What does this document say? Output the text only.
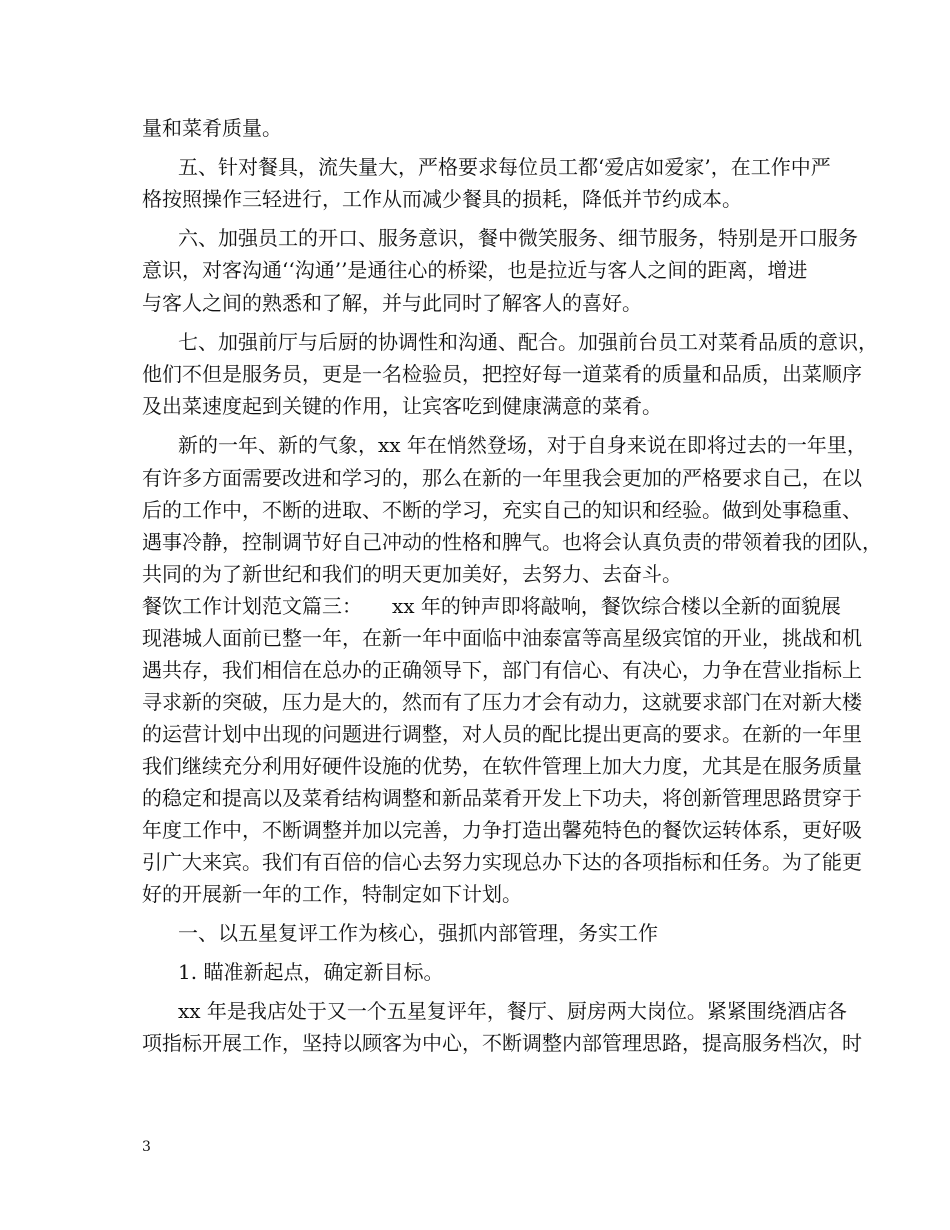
量和菜肴质量。
五、针对餐具，流失量大，严格要求每位员工都‘爱店如爱家’，在工作中严
格按照操作三轻进行，工作从而减少餐具的损耗，降低并节约成本。
六、加强员工的开口、服务意识，餐中微笑服务、细节服务，特别是开口服务
意识，对客沟通‘‘沟通’’是通往心的桥梁，也是拉近与客人之间的距离，增进
与客人之间的熟悉和了解，并与此同时了解客人的喜好。
七、加强前厅与后厨的协调性和沟通、配合。加强前台员工对菜肴品质的意识，
他们不但是服务员，更是一名检验员，把控好每一道菜肴的质量和品质，出菜顺序
及出菜速度起到关键的作用，让宾客吃到健康满意的菜肴。
新的一年、新的气象，xx 年在悄然登场，对于自身来说在即将过去的一年里，
有许多方面需要改进和学习的，那么在新的一年里我会更加的严格要求自己，在以
后的工作中，不断的进取、不断的学习，充实自己的知识和经验。做到处事稳重、
遇事冷静，控制调节好自己冲动的性格和脾气。也将会认真负责的带领着我的团队，
共同的为了新世纪和我们的明天更加美好，去努力、去奋斗。
餐饮工作计划范文篇三：　　xx 年的钟声即将敲响，餐饮综合楼以全新的面貌展
现港城人面前已整一年，在新一年中面临中油泰富等高星级宾馆的开业，挑战和机
遇共存，我们相信在总办的正确领导下，部门有信心、有决心，力争在营业指标上
寻求新的突破，压力是大的，然而有了压力才会有动力，这就要求部门在对新大楼
的运营计划中出现的问题进行调整，对人员的配比提出更高的要求。在新的一年里
我们继续充分利用好硬件设施的优势，在软件管理上加大力度，尤其是在服务质量
的稳定和提高以及菜肴结构调整和新品菜肴开发上下功夫，将创新管理思路贯穿于
年度工作中，不断调整并加以完善，力争打造出馨苑特色的餐饮运转体系，更好吸
引广大来宾。我们有百倍的信心去努力实现总办下达的各项指标和任务。为了能更
好的开展新一年的工作，特制定如下计划。
一、以五星复评工作为核心，强抓内部管理，务实工作
1. 瞄准新起点，确定新目标。
xx 年是我店处于又一个五星复评年，餐厅、厨房两大岗位。紧紧围绕酒店各
项指标开展工作，坚持以顾客为中心，不断调整内部管理思路，提高服务档次，时
3
